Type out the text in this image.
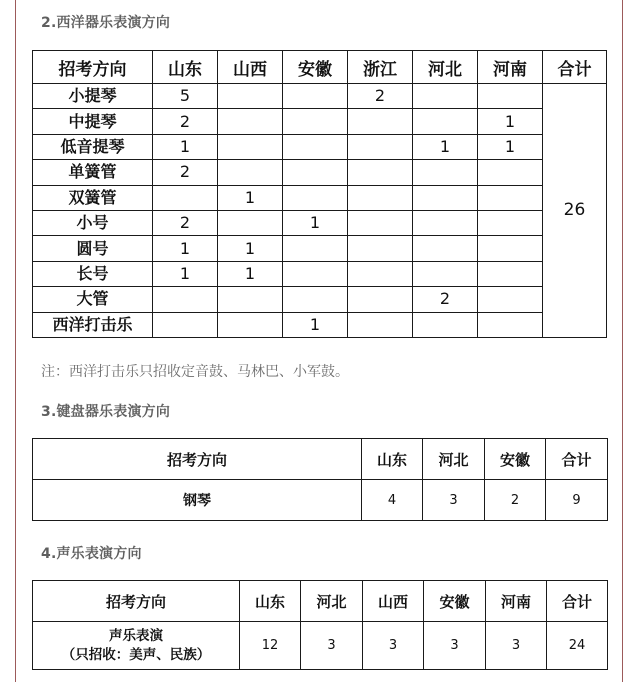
2.西洋器乐表演方向
招考方向	山东	山西	安徽	浙江	河北	河南	合计
小提琴	5			2			26
中提琴	2					1	
低音提琴	1				1	1	
单簧管	2						
双簧管		1					
小号	2		1				
圆号	1	1					
长号	1	1					
大管					2		
西洋打击乐			1				
注：西洋打击乐只招收定音鼓、马林巴、小军鼓。
3.键盘器乐表演方向
招考方向	山东	河北	安徽	合计
钢琴	4	3	2	9
4.声乐表演方向
招考方向	山东	河北	山西	安徽	河南	合计

声乐表演
（只招收：美声、民族）	12	3	3	3	3	24
